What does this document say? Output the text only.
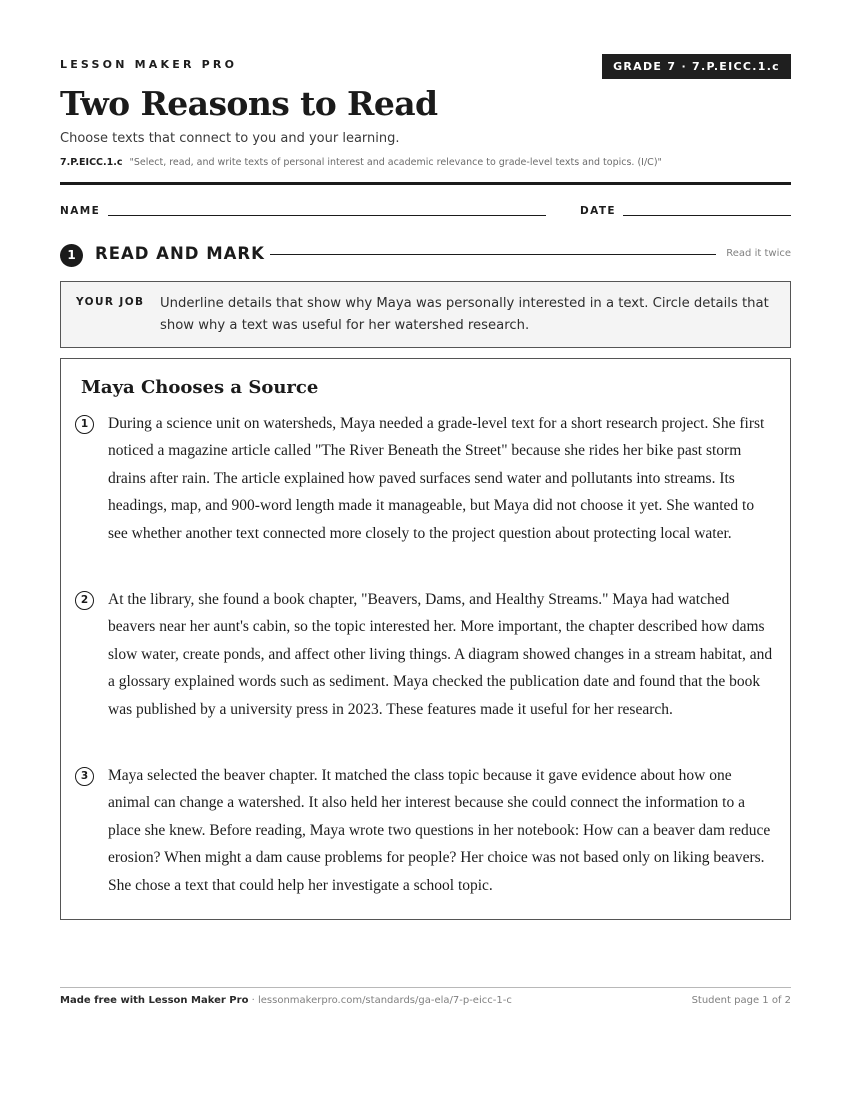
LESSON MAKER PRO	GRADE 7 · 7.P.EICC.1.c
Two Reasons to Read
Choose texts that connect to you and your learning.
7.P.EICC.1.c "Select, read, and write texts of personal interest and academic relevance to grade-level texts and topics. (I/C)"
NAME	DATE
1	READ AND MARK	Read it twice
YOUR JOB Underline details that show why Maya was personally interested in a text. Circle details that show why a text was useful for her watershed research.
Maya Chooses a Source
1	During a science unit on watersheds, Maya needed a grade-level text for a short research project. She first noticed a magazine article called "The River Beneath the Street" because she rides her bike past storm drains after rain. The article explained how paved surfaces send water and pollutants into streams. Its headings, map, and 900-word length made it manageable, but Maya did not choose it yet. She wanted to see whether another text connected more closely to the project question about protecting local water.

2	At the library, she found a book chapter, "Beavers, Dams, and Healthy Streams." Maya had watched beavers near her aunt's cabin, so the topic interested her. More important, the chapter described how dams slow water, create ponds, and affect other living things. A diagram showed changes in a stream habitat, and a glossary explained words such as sediment. Maya checked the publication date and found that the book was published by a university press in 2023. These features made it useful for her research.

3	Maya selected the beaver chapter. It matched the class topic because it gave evidence about how one animal can change a watershed. It also held her interest because she could connect the information to a place she knew. Before reading, Maya wrote two questions in her notebook: How can a beaver dam reduce erosion? When might a dam cause problems for people? Her choice was not based only on liking beavers. She chose a text that could help her investigate a school topic.

Made free with Lesson Maker Pro · lessonmakerpro.com/standards/ga-ela/7-p-eicc-1-c	Student page 1 of 2
